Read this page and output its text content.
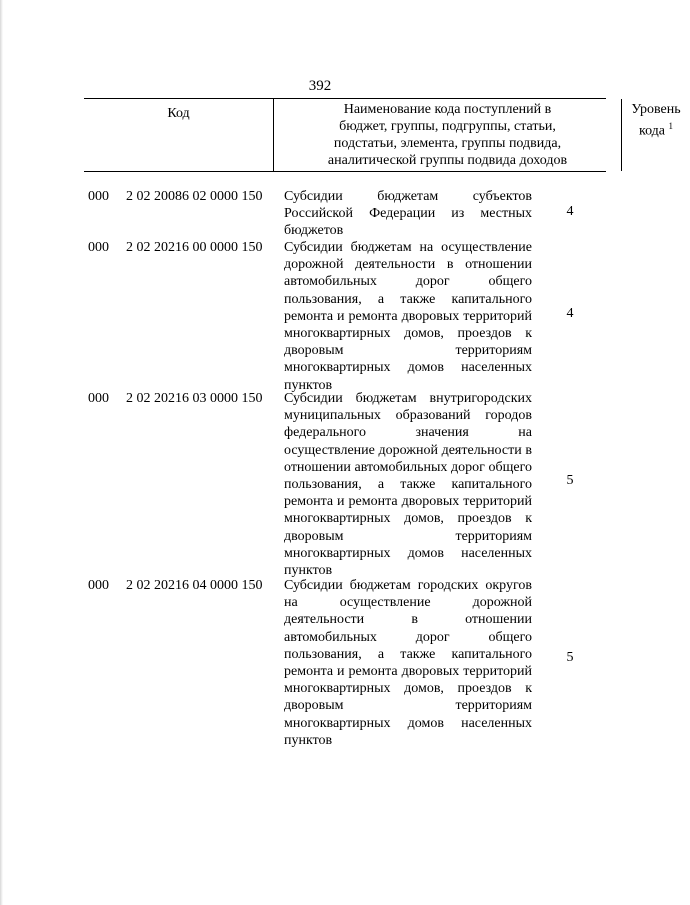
392
Код	Наименование кода поступлений в
бюджет, группы, подгруппы, статьи,
подстатьи, элемента, группы подвида,
аналитической группы подвида доходов
Уровень
кода $^1$
000 2 02 20086 02 0000 150 Субсидии бюджетам субъектов Российской Федерации из местных бюджетов
4
000 2 02 20216 00 0000 150 Субсидии бюджетам на осуществление дорожной деятельности в отношении автомобильных дорог общего пользования, а также капитального ремонта и ремонта дворовых территорий многоквартирных домов, проездов к дворовым территориям многоквартирных домов населенных пунктов
4
000 2 02 20216 03 0000 150 Субсидии бюджетам внутригородских муниципальных образований городов федерального значения на осуществление дорожной деятельности в отношении автомобильных дорог общего пользования, а также капитального ремонта и ремонта дворовых территорий многоквартирных домов, проездов к дворовым территориям многоквартирных домов населенных пунктов
5
000 2 02 20216 04 0000 150 Субсидии бюджетам городских округов на осуществление дорожной деятельности в отношении автомобильных дорог общего пользования, а также капитального ремонта и ремонта дворовых территорий многоквартирных домов, проездов к дворовым территориям многоквартирных домов населенных пунктов
5
